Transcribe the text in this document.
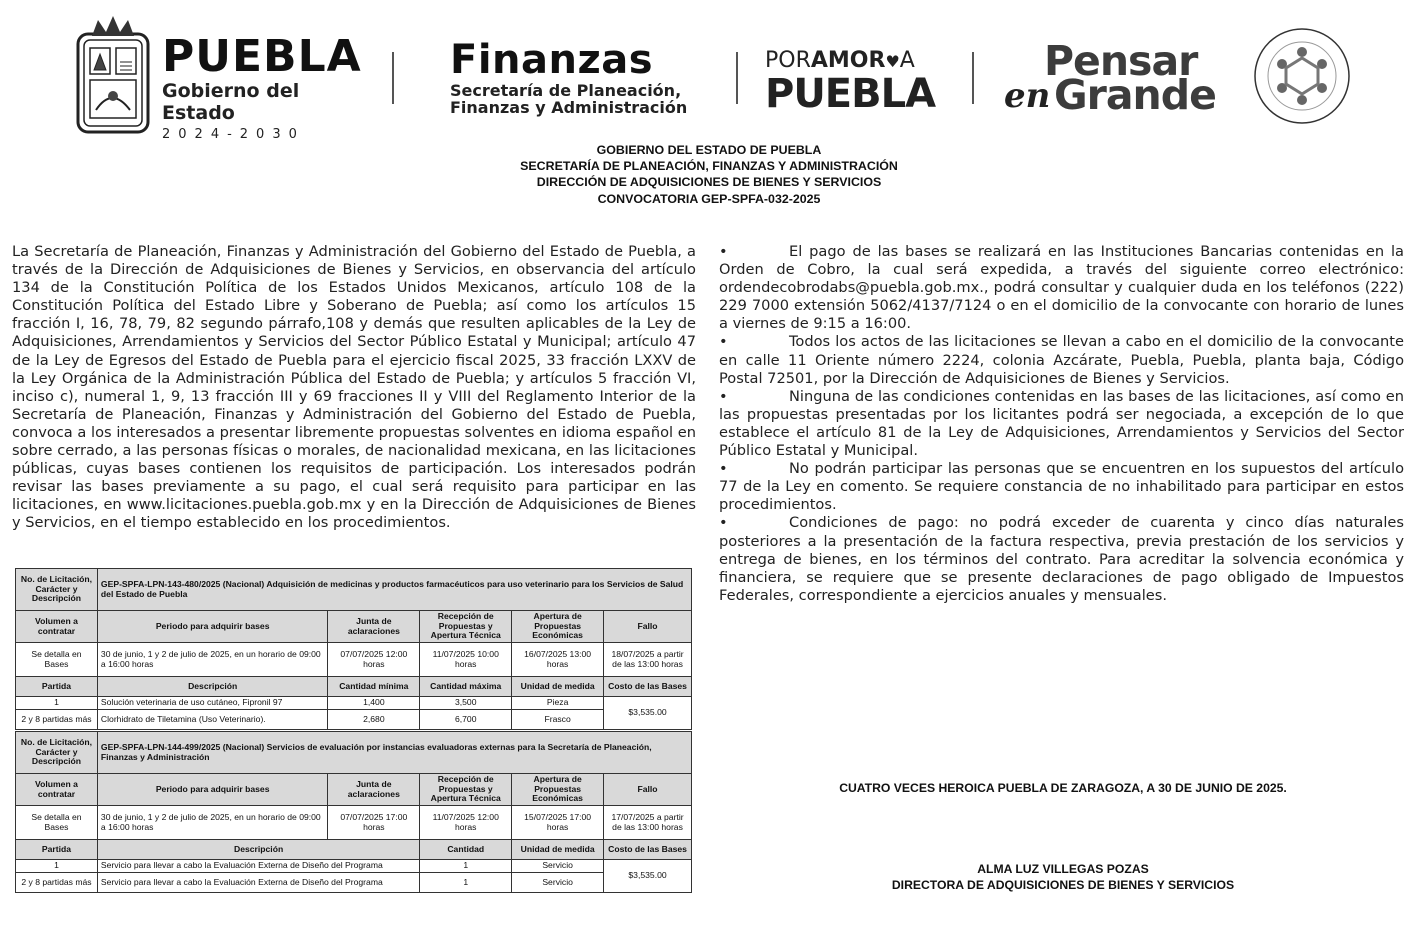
PUEBLA
Gobierno del Estado
2024-2030
Finanzas
Secretaría de Planeación,
Finanzas y Administración
PORAMOR♥A
PUEBLA
Pensar
en Grande
GOBIERNO DEL ESTADO DE PUEBLA
SECRETARÍA DE PLANEACIÓN, FINANZAS Y ADMINISTRACIÓN
DIRECCIÓN DE ADQUISICIONES DE BIENES Y SERVICIOS
CONVOCATORIA GEP-SPFA-032-2025
La Secretaría de Planeación, Finanzas y Administración del Gobierno del Estado de Puebla, a través de la Dirección de Adquisiciones de Bienes y Servicios, en observancia del artículo 134 de la Constitución Política de los Estados Unidos Mexicanos, artículo 108 de la Constitución Política del Estado Libre y Soberano de Puebla; así como los artículos 15 fracción I, 16, 78, 79, 82 segundo párrafo,108 y demás que resulten aplicables de la Ley de Adquisiciones, Arrendamientos y Servicios del Sector Público Estatal y Municipal; artículo 47 de la Ley de Egresos del Estado de Puebla para el ejercicio fiscal 2025, 33 fracción LXXV de la Ley Orgánica de la Administración Pública del Estado de Puebla; y artículos 5 fracción VI, inciso c), numeral 1, 9, 13 fracción III y 69 fracciones II y VIII del Reglamento Interior de la Secretaría de Planeación, Finanzas y Administración del Gobierno del Estado de Puebla, convoca a los interesados a presentar libremente propuestas solventes en idioma español en sobre cerrado, a las personas físicas o morales, de nacionalidad mexicana, en las licitaciones públicas, cuyas bases contienen los requisitos de participación. Los interesados podrán revisar las bases previamente a su pago, el cual será requisito para participar en las licitaciones, en www.licitaciones.puebla.gob.mx y en la Dirección de Adquisiciones de Bienes y Servicios, en el tiempo establecido en los procedimientos.
•	El pago de las bases se realizará en las Instituciones Bancarias contenidas en la Orden de Cobro, la cual será expedida, a través del siguiente correo electrónico: ordendecobrodabs@puebla.gob.mx., podrá consultar y cualquier duda en los teléfonos (222) 229 7000 extensión 5062/4137/7124 o en el domicilio de la convocante con horario de lunes a viernes de 9:15 a 16:00.
•	Todos los actos de las licitaciones se llevan a cabo en el domicilio de la convocante en calle 11 Oriente número 2224, colonia Azcárate, Puebla, Puebla, planta baja, Código Postal 72501, por la Dirección de Adquisiciones de Bienes y Servicios.
•	Ninguna de las condiciones contenidas en las bases de las licitaciones, así como en las propuestas presentadas por los licitantes podrá ser negociada, a excepción de lo que establece el artículo 81 de la Ley de Adquisiciones, Arrendamientos y Servicios del Sector Público Estatal y Municipal.
•	No podrán participar las personas que se encuentren en los supuestos del artículo 77 de la Ley en comento. Se requiere constancia de no inhabilitado para participar en estos procedimientos.
•	Condiciones de pago: no podrá exceder de cuarenta y cinco días naturales posteriores a la presentación de la factura respectiva, previa prestación de los servicios y entrega de bienes, en los términos del contrato. Para acreditar la solvencia económica y financiera, se requiere que se presente declaraciones de pago obligado de Impuestos Federales, correspondiente a ejercicios anuales y mensuales.
No. de Licitación, Carácter y Descripción	GEP-SPFA-LPN-143-480/2025 (Nacional) Adquisición de medicinas y productos farmacéuticos para uso veterinario para los Servicios de Salud del Estado de Puebla				
Volumen a contratar	Periodo para adquirir bases	Junta de aclaraciones	Recepción de Propuestas y Apertura Técnica	Apertura de Propuestas Económicas	Fallo
Se detalla en Bases	30 de junio, 1 y 2 de julio de 2025, en un horario de 09:00 a 16:00 horas	07/07/2025 12:00 horas	11/07/2025 10:00 horas	16/07/2025 13:00 horas	18/07/2025 a partir de las 13:00 horas
Partida	Descripción	Cantidad mínima	Cantidad máxima	Unidad de medida	Costo de las Bases
1	Solución veterinaria de uso cutáneo, Fipronil 97	1,400	3,500	Pieza	$3,535.00
2 y 8 partidas más	Clorhidrato de Tiletamina (Uso Veterinario).	2,680	6,700	Frasco	
No. de Licitación, Carácter y Descripción	GEP-SPFA-LPN-144-499/2025 (Nacional) Servicios de evaluación por instancias evaluadoras externas para la Secretaría de Planeación, Finanzas y Administración				
Volumen a contratar	Periodo para adquirir bases	Junta de aclaraciones	Recepción de Propuestas y Apertura Técnica	Apertura de Propuestas Económicas	Fallo
Se detalla en Bases	30 de junio, 1 y 2 de julio de 2025, en un horario de 09:00 a 16:00 horas	07/07/2025 17:00 horas	11/07/2025 12:00 horas	15/07/2025 17:00 horas	17/07/2025 a partir de las 13:00 horas
Partida	Descripción		Cantidad	Unidad de medida	Costo de las Bases
1	Servicio para llevar a cabo la Evaluación Externa de Diseño del Programa		1	Servicio	$3,535.00
2 y 8 partidas más	Servicio para llevar a cabo la Evaluación Externa de Diseño del Programa		1	Servicio	
CUATRO VECES HEROICA PUEBLA DE ZARAGOZA, A 30 DE JUNIO DE 2025.
ALMA LUZ VILLEGAS POZAS
DIRECTORA DE ADQUISICIONES DE BIENES Y SERVICIOS
